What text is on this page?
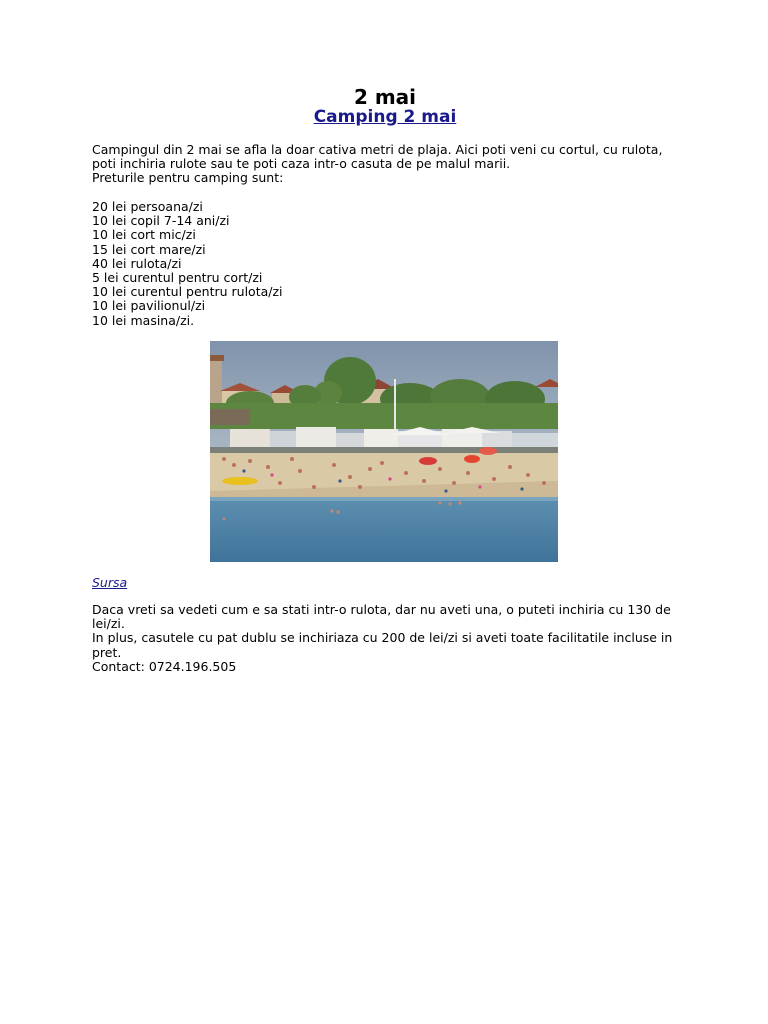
2 mai
Camping 2 mai
Campingul din 2 mai se afla la doar cativa metri de plaja. Aici poti veni cu cortul, cu rulota, poti inchiria rulote sau te poti caza intr-o casuta de pe malul marii.
Preturile pentru camping sunt:
20 lei persoana/zi
10 lei copil 7-14 ani/zi
10 lei cort mic/zi
15 lei cort mare/zi
40 lei rulota/zi
5 lei curentul pentru cort/zi
10 lei curentul pentru rulota/zi
10 lei pavilionul/zi
10 lei masina/zi.
Sursa

Daca vreti sa vedeti cum e sa stati intr-o rulota, dar nu aveti una, o puteti inchiria cu 130 de lei/zi.

In plus, casutele cu pat dublu se inchiriaza cu 200 de lei/zi si aveti toate facilitatile incluse in pret.

Contact: 0724.196.505
